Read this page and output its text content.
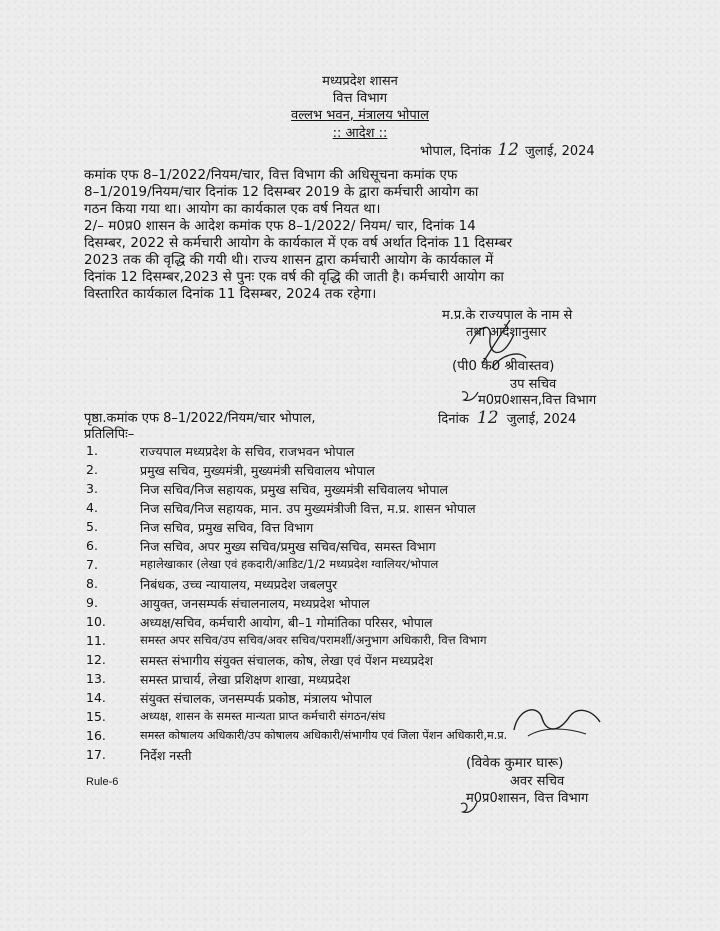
मध्यप्रदेश शासन
वित्त विभाग
वल्लभ भवन, मंत्रालय भोपाल
:: आदेश ::
भोपाल, दिनांक 12 जुलाई, 2024
कमांक एफ 8–1/2022/नियम/चार, वित्त विभाग की अधिसूचना कमांक एफ
8–1/2019/नियम/चार दिनांक 12 दिसम्बर 2019 के द्वारा कर्मचारी आयोग का
गठन किया गया था। आयोग का कार्यकाल एक वर्ष नियत था।
2/– म0प्र0 शासन के आदेश कमांक एफ 8–1/2022/ नियम/ चार, दिनांक 14
दिसम्बर, 2022 से कर्मचारी आयोग के कार्यकाल में एक वर्ष अर्थात दिनांक 11 दिसम्बर
2023 तक की वृद्धि की गयी थी। राज्य शासन द्वारा कर्मचारी आयोग के कार्यकाल में
दिनांक 12 दिसम्बर,2023 से पुनः एक वर्ष की वृद्धि की जाती है। कर्मचारी आयोग का
विस्तारित कार्यकाल दिनांक 11 दिसम्बर, 2024 तक रहेगा।
म.प्र.के राज्यपाल के नाम से
तथा आदेशानुसार
(पी0 के0 श्रीवास्तव)
उप सचिव
म0प्र0शासन,वित्त विभाग
पृष्ठा.कमांक एफ 8–1/2022/नियम/चार भोपाल,	दिनांक 12 जुलाई, 2024
प्रतिलिपिः–
1.	राज्यपाल मध्यप्रदेश के सचिव, राजभवन भोपाल
2.	प्रमुख सचिव, मुख्यमंत्री, मुख्यमंत्री सचिवालय भोपाल
3.	निज सचिव/निज सहायक, प्रमुख सचिव, मुख्यमंत्री सचिवालय भोपाल
4.	निज सचिव/निज सहायक, मान. उप मुख्यमंत्रीजी वित्त, म.प्र. शासन भोपाल
5.	निज सचिव, प्रमुख सचिव, वित्त विभाग
6.	निज सचिव, अपर मुख्य सचिव/प्रमुख सचिव/सचिव, समस्त विभाग
7.	महालेखाकार (लेखा एवं हकदारी/आडिट/1/2 मध्यप्रदेश ग्वालियर/भोपाल
8.	निबंधक, उच्च न्यायालय, मध्यप्रदेश जबलपुर
9.	आयुक्त, जनसम्पर्क संचालनालय, मध्यप्रदेश भोपाल
10.	अध्यक्ष/सचिव, कर्मचारी आयोग, बी–1 गोमांतिका परिसर, भोपाल
11.	समस्त अपर सचिव/उप सचिव/अवर सचिव/परामर्शी/अनुभाग अधिकारी, वित्त विभाग
12.	समस्त संभागीय संयुक्त संचालक, कोष, लेखा एवं पेंशन मध्यप्रदेश
13.	समस्त प्राचार्य, लेखा प्रशिक्षण शाखा, मध्यप्रदेश
14.	संयुक्त संचालक, जनसम्पर्क प्रकोष्ठ, मंत्रालय भोपाल
15.	अध्यक्ष, शासन के समस्त मान्यता प्राप्त कर्मचारी संगठन/संघ
16.	समस्त कोषालय अधिकारी/उप कोषालय अधिकारी/संभागीय एवं जिला पेंशन अधिकारी,म.प्र.
17.	निर्देश नस्ती	(विवेक कुमार घारू)
अवर सचिव
म0प्र0शासन, वित्त विभाग
Rule-6
